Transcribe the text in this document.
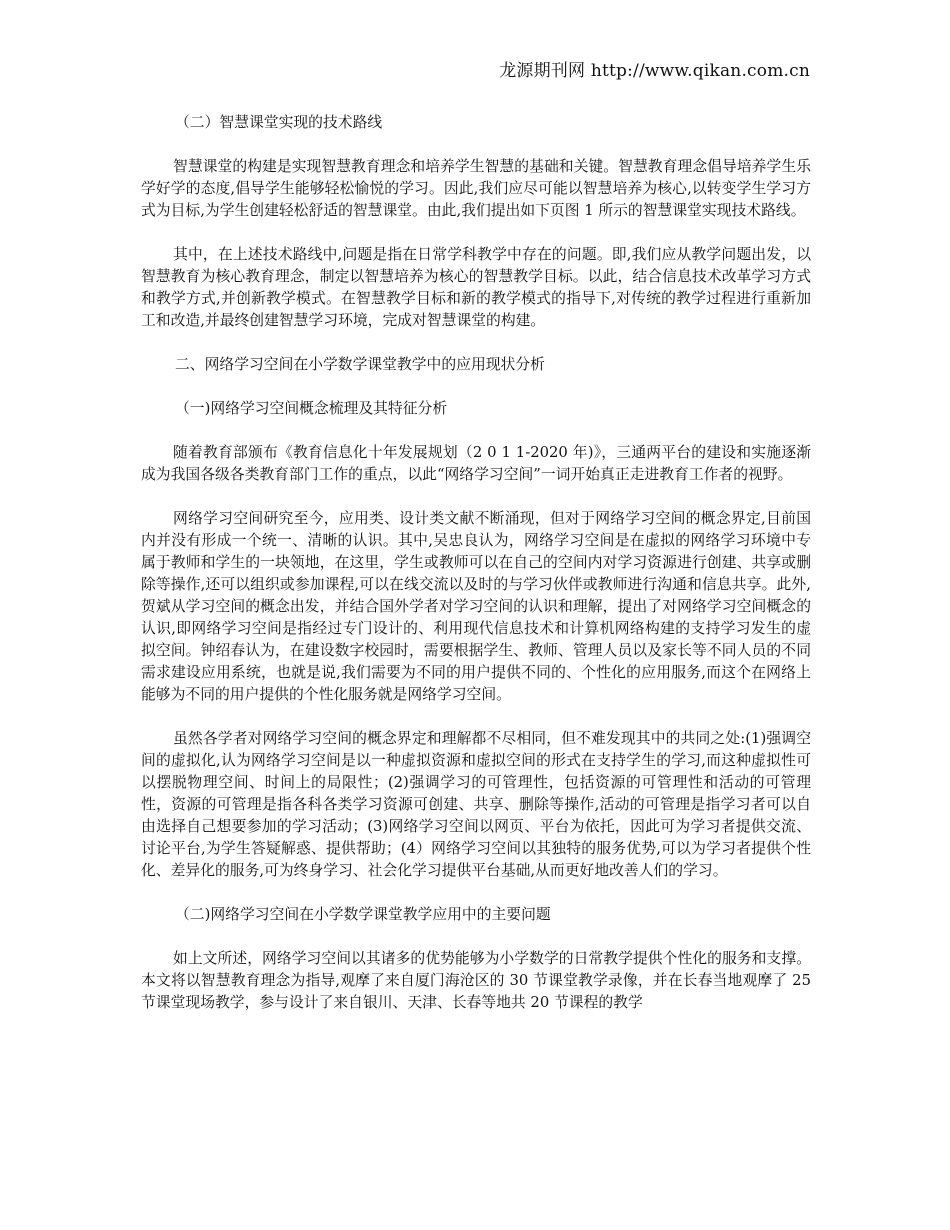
龙源期刊网 http://www.qikan.com.cn

（二）智慧课堂实现的技术路线

智慧课堂的构建是实现智慧教育理念和培养学生智慧的基础和关键。智慧教育理念倡导培养学生乐学好学的态度,倡导学生能够轻松愉悦的学习。因此,我们应尽可能以智慧培养为核心,以转变学生学习方式为目标,为学生创建轻松舒适的智慧课堂。由此,我们提出如下页图 1 所示的智慧课堂实现技术路线。

其中，在上述技术路线中,问题是指在日常学科教学中存在的问题。即,我们应从教学问题出发，以智慧教育为核心教育理念，制定以智慧培养为核心的智慧教学目标。以此，结合信息技术改革学习方式和教学方式,并创新教学模式。在智慧教学目标和新的教学模式的指导下,对传统的教学过程进行重新加工和改造,并最终创建智慧学习环境，完成对智慧课堂的构建。

二、网络学习空间在小学数学课堂教学中的应用现状分析

（一)网络学习空间概念梳理及其特征分析

随着教育部颁布《教育信息化十年发展规划（2 0 1 1-2020 年)》，三通两平台的建设和实施逐渐成为我国各级各类教育部门工作的重点，以此“网络学习空间”一词开始真正走进教育工作者的视野。

网络学习空间研究至今，应用类、设计类文献不断涌现，但对于网络学习空间的概念界定,目前国内并没有形成一个统一、清晰的认识。其中,吴忠良认为，网络学习空间是在虚拟的网络学习环境中专属于教师和学生的一块领地，在这里，学生或教师可以在自己的空间内对学习资源进行创建、共享或删除等操作,还可以组织或参加课程,可以在线交流以及时的与学习伙伴或教师进行沟通和信息共享。此外,贺斌从学习空间的概念出发，并结合国外学者对学习空间的认识和理解，提出了对网络学习空间概念的认识,即网络学习空间是指经过专门设计的、利用现代信息技术和计算机网络构建的支持学习发生的虚拟空间。钟绍春认为，在建设数字校园时，需要根据学生、教师、管理人员以及家长等不同人员的不同需求建设应用系统，也就是说,我们需要为不同的用户提供不同的、个性化的应用服务,而这个在网络上能够为不同的用户提供的个性化服务就是网络学习空间。

虽然各学者对网络学习空间的概念界定和理解都不尽相同，但不难发现其中的共同之处:(1)强调空间的虚拟化,认为网络学习空间是以一种虚拟资源和虚拟空间的形式在支持学生的学习,而这种虚拟性可以摆脱物理空间、时间上的局限性；(2)强调学习的可管理性，包括资源的可管理性和活动的可管理性，资源的可管理是指各科各类学习资源可创建、共享、删除等操作,活动的可管理是指学习者可以自由选择自己想要参加的学习活动；(3)网络学习空间以网页、平台为依托，因此可为学习者提供交流、讨论平台,为学生答疑解惑、提供帮助；(4）网络学习空间以其独特的服务优势,可以为学习者提供个性化、差异化的服务,可为终身学习、社会化学习提供平台基础,从而更好地改善人们的学习。

（二)网络学习空间在小学数学课堂教学应用中的主要问题

如上文所述，网络学习空间以其诸多的优势能够为小学数学的日常教学提供个性化的服务和支撑。本文将以智慧教育理念为指导,观摩了来自厦门海沧区的 30 节课堂教学录像，并在长春当地观摩了 25 节课堂现场教学，参与设计了来自银川、天津、长春等地共 20 节课程的教学
